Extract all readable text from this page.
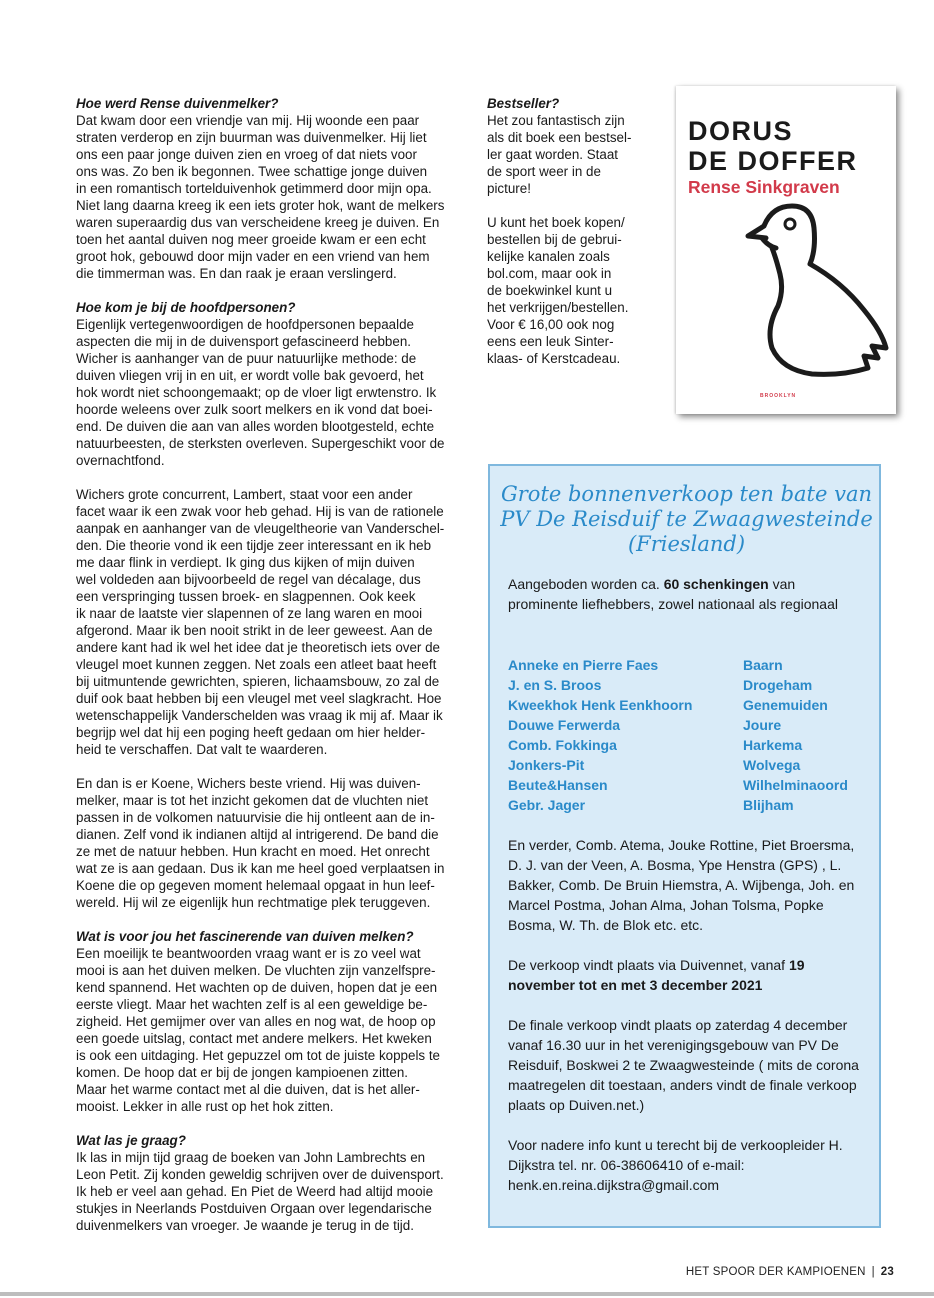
Hoe werd Rense duivenmelker?
Dat kwam door een vriendje van mij. Hij woonde een paar
straten verderop en zijn buurman was duivenmelker. Hij liet
ons een paar jonge duiven zien en vroeg of dat niets voor
ons was. Zo ben ik begonnen. Twee schattige jonge duiven
in een romantisch tortelduivenhok getimmerd door mijn opa.
Niet lang daarna kreeg ik een iets groter hok, want de melkers
waren superaardig dus van verscheidene kreeg je duiven. En
toen het aantal duiven nog meer groeide kwam er een echt
groot hok, gebouwd door mijn vader en een vriend van hem
die timmerman was. En dan raak je eraan verslingerd.
Hoe kom je bij de hoofdpersonen?
Eigenlijk vertegenwoordigen de hoofdpersonen bepaalde
aspecten die mij in de duivensport gefascineerd hebben.
Wicher is aanhanger van de puur natuurlijke methode: de
duiven vliegen vrij in en uit, er wordt volle bak gevoerd, het
hok wordt niet schoongemaakt; op de vloer ligt erwtenstro. Ik
hoorde weleens over zulk soort melkers en ik vond dat boei-
end. De duiven die aan van alles worden blootgesteld, echte
natuurbeesten, de sterksten overleven. Supergeschikt voor de
overnachtfond.
Wichers grote concurrent, Lambert, staat voor een ander
facet waar ik een zwak voor heb gehad. Hij is van de rationele
aanpak en aanhanger van de vleugeltheorie van Vanderschel-
den. Die theorie vond ik een tijdje zeer interessant en ik heb
me daar flink in verdiept. Ik ging dus kijken of mijn duiven
wel voldeden aan bijvoorbeeld de regel van décalage, dus
een verspringing tussen broek- en slagpennen. Ook keek
ik naar de laatste vier slapennen of ze lang waren en mooi
afgerond. Maar ik ben nooit strikt in de leer geweest. Aan de
andere kant had ik wel het idee dat je theoretisch iets over de
vleugel moet kunnen zeggen. Net zoals een atleet baat heeft
bij uitmuntende gewrichten, spieren, lichaamsbouw, zo zal de
duif ook baat hebben bij een vleugel met veel slagkracht. Hoe
wetenschappelijk Vanderschelden was vraag ik mij af. Maar ik
begrijp wel dat hij een poging heeft gedaan om hier helder-
heid te verschaffen. Dat valt te waarderen.
En dan is er Koene, Wichers beste vriend. Hij was duiven-
melker, maar is tot het inzicht gekomen dat de vluchten niet
passen in de volkomen natuurvisie die hij ontleent aan de in-
dianen. Zelf vond ik indianen altijd al intrigerend. De band die
ze met de natuur hebben. Hun kracht en moed. Het onrecht
wat ze is aan gedaan. Dus ik kan me heel goed verplaatsen in
Koene die op gegeven moment helemaal opgaat in hun leef-
wereld. Hij wil ze eigenlijk hun rechtmatige plek teruggeven.
Wat is voor jou het fascinerende van duiven melken?
Een moeilijk te beantwoorden vraag want er is zo veel wat
mooi is aan het duiven melken. De vluchten zijn vanzelfspre-
kend spannend. Het wachten op de duiven, hopen dat je een
eerste vliegt. Maar het wachten zelf is al een geweldige be-
zigheid. Het gemijmer over van alles en nog wat, de hoop op
een goede uitslag, contact met andere melkers. Het kweken
is ook een uitdaging. Het gepuzzel om tot de juiste koppels te
komen. De hoop dat er bij de jongen kampioenen zitten.
Maar het warme contact met al die duiven, dat is het aller-
mooist. Lekker in alle rust op het hok zitten.
Wat las je graag?
Ik las in mijn tijd graag de boeken van John Lambrechts en
Leon Petit. Zij konden geweldig schrijven over de duivensport.
Ik heb er veel aan gehad. En Piet de Weerd had altijd mooie
stukjes in Neerlands Postduiven Orgaan over legendarische
duivenmelkers van vroeger. Je waande je terug in de tijd.
Bestseller?
Het zou fantastisch zijn
als dit boek een bestsel-
ler gaat worden. Staat
de sport weer in de
picture!
U kunt het boek kopen/
bestellen bij de gebrui-
kelijke kanalen zoals
bol.com, maar ook in
de boekwinkel kunt u
het verkrijgen/bestellen.
Voor € 16,00 ook nog
eens een leuk Sinter-
klaas- of Kerstcadeau.
DORUS
DE DOFFER
Rense Sinkgraven
BROOKLYN
Grote bonnenverkoop ten bate van PV De Reisduif te Zwaagwesteinde (Friesland)
Aangeboden worden ca. 60 schenkingen van prominente liefhebbers, zowel nationaal als regionaal
Anneke en Pierre Faes	Baarn
J. en S. Broos	Drogeham
Kweekhok Henk Eenkhoorn	Genemuiden
Douwe Ferwerda	Joure
Comb. Fokkinga	Harkema
Jonkers-Pit	Wolvega
Beute&Hansen	Wilhelminaoord
Gebr. Jager	Blijham
En verder, Comb. Atema, Jouke Rottine, Piet Broersma, D. J. van der Veen, A. Bosma, Ype Henstra (GPS) , L. Bakker, Comb. De Bruin Hiemstra, A. Wijbenga, Joh. en Marcel Postma, Johan Alma, Johan Tolsma, Popke Bosma, W. Th. de Blok etc. etc.
De verkoop vindt plaats via Duivennet, vanaf 19 november tot en met 3 december 2021
De finale verkoop vindt plaats op zaterdag 4 december vanaf 16.30 uur in het verenigingsgebouw van PV De Reisduif, Boskwei 2 te Zwaagwesteinde ( mits de corona maatregelen dit toestaan, anders vindt de finale verkoop plaats op Duiven.net.)
Voor nadere info kunt u terecht bij de verkoopleider H. Dijkstra tel. nr. 06-38606410 of e-mail: henk.en.reina.dijkstra@gmail.com
HET SPOOR DER KAMPIOENEN | 23
